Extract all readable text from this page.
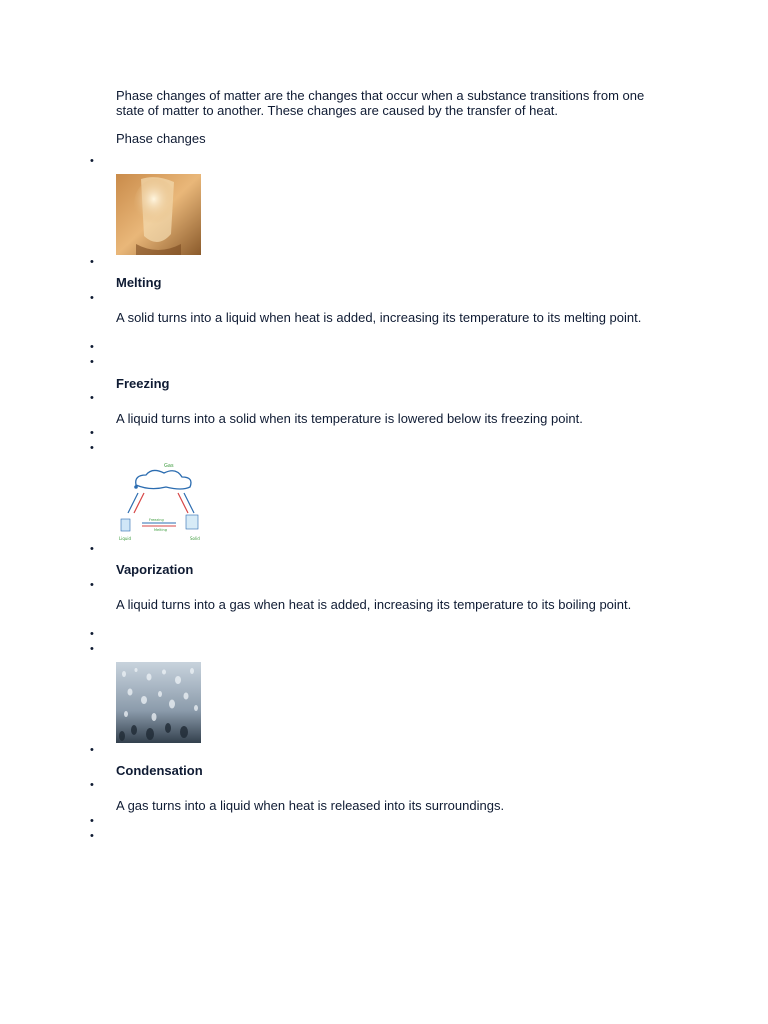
Phase changes of matter are the changes that occur when a substance transitions from one state of matter to another. These changes are caused by the transfer of heat.
Phase changes
•
•
Melting
•
A solid turns into a liquid when heat is added, increasing its temperature to its melting point.
•
•
Freezing
•
A liquid turns into a solid when its temperature is lowered below its freezing point.
•
•
Gas
Freezing
Melting
Liquid	Solid
•
Vaporization
•
A liquid turns into a gas when heat is added, increasing its temperature to its boiling point.
•
•
•
Condensation
•
A gas turns into a liquid when heat is released into its surroundings.
•
•
